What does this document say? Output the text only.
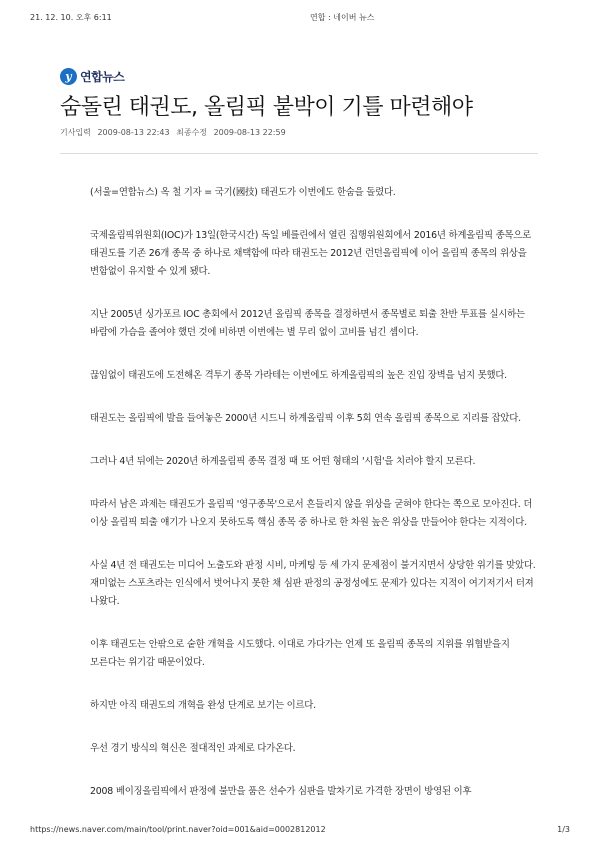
21. 12. 10. 오후 6:11	연합 : 네이버 뉴스
y 연합뉴스
숨돌린 태권도, 올림픽 붙박이 기틀 마련해야
기사입력 2009-08-13 22:43 최종수정 2009-08-13 22:59

(서울=연합뉴스) 옥 철 기자 = 국기(國技) 태권도가 이번에도 한숨을 돌렸다.

국제올림픽위원회(IOC)가 13일(한국시간) 독일 베를린에서 열린 집행위원회에서 2016년 하계올림픽 종목으로 태권도를 기존 26개 종목 중 하나로 채택함에 따라 태권도는 2012년 런던올림픽에 이어 올림픽 종목의 위상을 변함없이 유지할 수 있게 됐다.

지난 2005년 싱가포르 IOC 총회에서 2012년 올림픽 종목을 결정하면서 종목별로 퇴출 찬반 투표를 실시하는 바람에 가슴을 졸여야 했던 것에 비하면 이번에는 별 무리 없이 고비를 넘긴 셈이다.

끊임없이 태권도에 도전해온 격투기 종목 가라테는 이번에도 하계올림픽의 높은 진입 장벽을 넘지 못했다.

태권도는 올림픽에 발을 들여놓은 2000년 시드니 하계올림픽 이후 5회 연속 올림픽 종목으로 지리를 잡았다.

그러나 4년 뒤에는 2020년 하계올림픽 종목 결정 때 또 어떤 형태의 '시험'을 치러야 할지 모른다.

따라서 남은 과제는 태권도가 올림픽 '영구종목'으로서 흔들리지 않을 위상을 굳혀야 한다는 쪽으로 모아진다. 더 이상 올림픽 퇴출 얘기가 나오지 못하도록 핵심 종목 중 하나로 한 차원 높은 위상을 만들어야 한다는 지적이다.

사실 4년 전 태권도는 미디어 노출도와 판정 시비, 마케팅 등 세 가지 문제점이 불거지면서 상당한 위기를 맞았다. 재미없는 스포츠라는 인식에서 벗어나지 못한 채 심판 판정의 공정성에도 문제가 있다는 지적이 여기저기서 터져 나왔다.

이후 태권도는 안팎으로 숱한 개혁을 시도했다. 이대로 가다가는 언제 또 올림픽 종목의 지위를 위협받을지 모른다는 위기감 때문이었다.

하지만 아직 태권도의 개혁을 완성 단계로 보기는 이르다.

우선 경기 방식의 혁신은 절대적인 과제로 다가온다.

2008 베이징올림픽에서 판정에 불만을 품은 선수가 심판을 발차기로 가격한 장면이 방영된 이후

https://news.naver.com/main/tool/print.naver?oid=001&aid=0002812012	1/3
